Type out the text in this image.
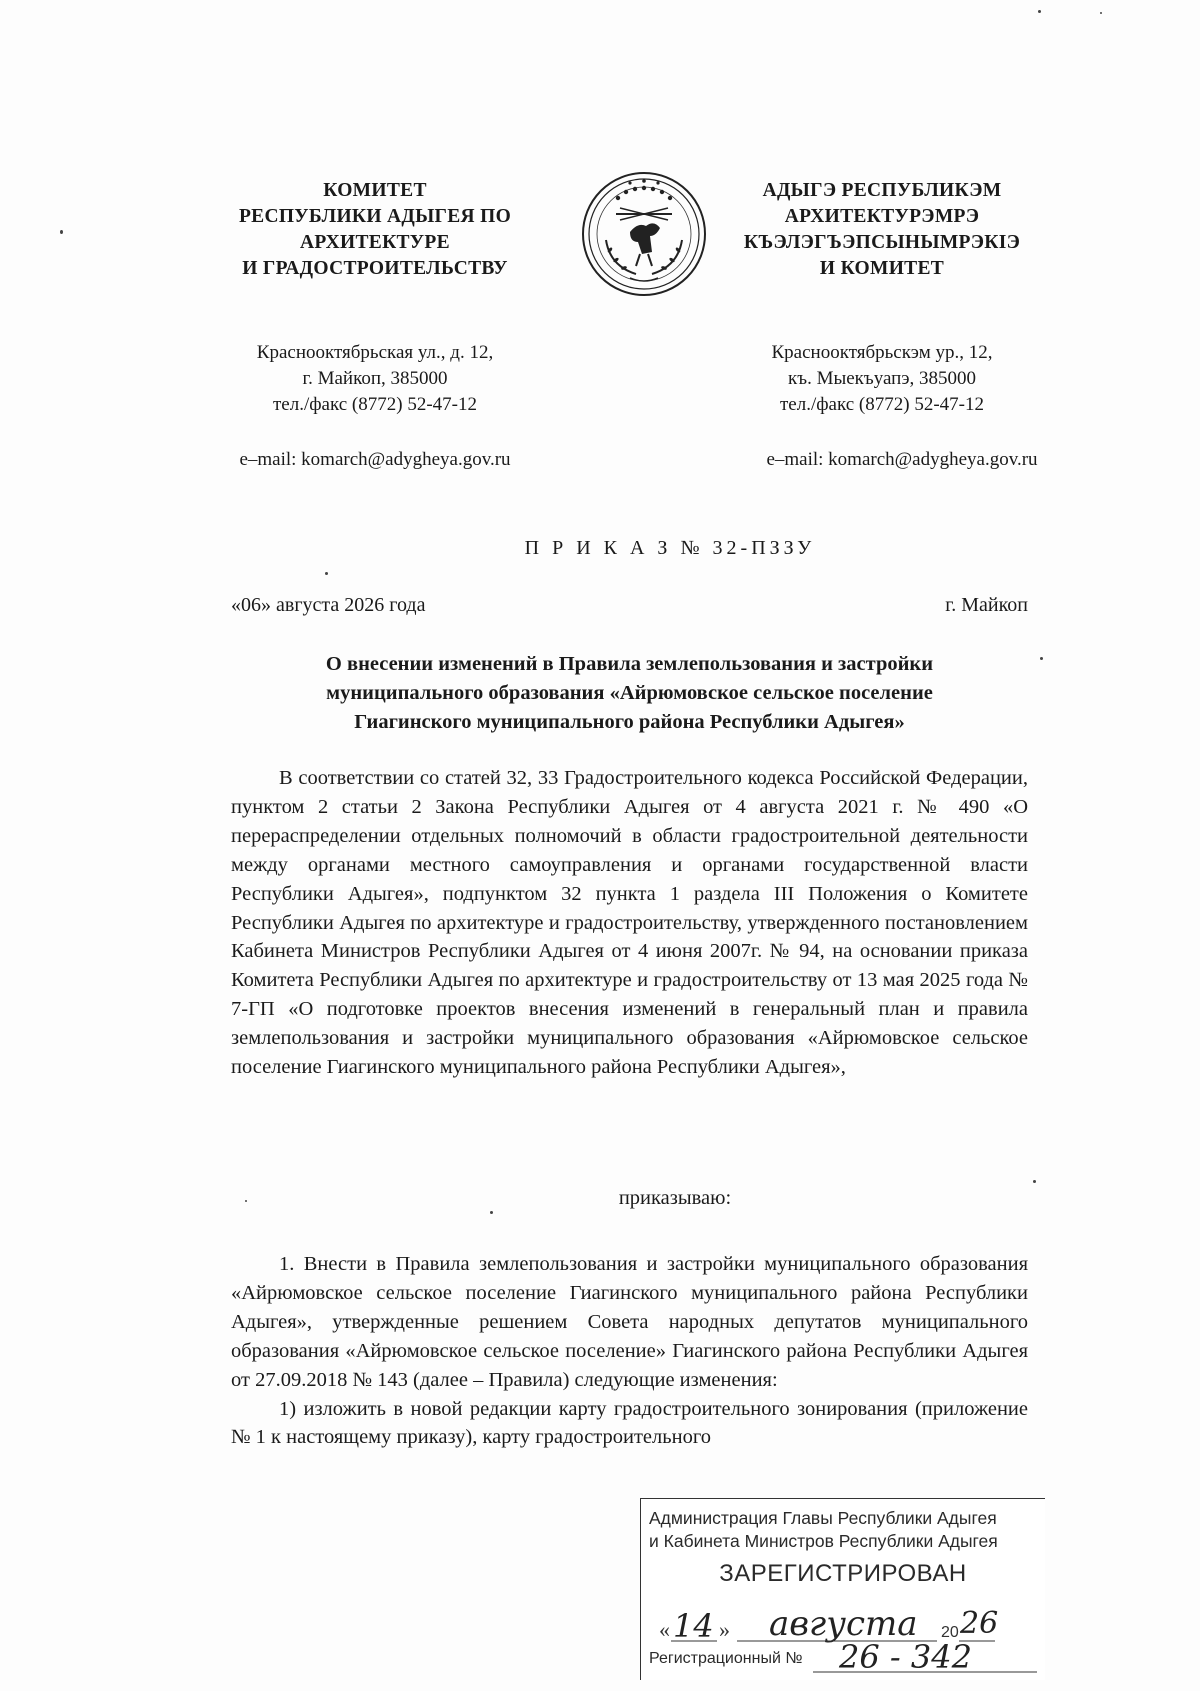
КОМИТЕТ
РЕСПУБЛИКИ АДЫГЕЯ ПО
АРХИТЕКТУРЕ
И ГРАДОСТРОИТЕЛЬСТВУ
АДЫГЭ РЕСПУБЛИКЭМ
АРХИТЕКТУРЭМРЭ
КЪЭЛЭГЪЭПСЫНЫМРЭКIЭ
И КОМИТЕТ
Краснооктябрьская ул., д. 12,
г. Майкоп, 385000
тел./факс (8772) 52-47-12
Краснооктябрьскэм ур., 12,
къ. Мыекъуапэ, 385000
тел./факс (8772) 52-47-12
e–mail: komarch@adygheya.gov.ru	e–mail: komarch@adygheya.gov.ru
П Р И К А З № 32-ПЗЗУ
«06» августа 2026 года	г. Майкоп
О внесении изменений в Правила землепользования и застройки
муниципального образования «Айрюмовское сельское поселение
Гиагинского муниципального района Республики Адыгея»

В соответствии со статей 32, 33 Градостроительного кодекса Российской Федерации, пунктом 2 статьи 2 Закона Республики Адыгея от 4 августа 2021 г. № 490 «О перераспределении отдельных полномочий в области градостроительной деятельности между органами местного самоуправления и органами государственной власти Республики Адыгея», подпунктом 32 пункта 1 раздела III Положения о Комитете Республики Адыгея по архитектуре и градостроительству, утвержденного постановлением Кабинета Министров Республики Адыгея от 4 июня 2007г. № 94, на основании приказа Комитета Республики Адыгея по архитектуре и градостроительству от 13 мая 2025 года № 7-ГП «О подготовке проектов внесения изменений в генеральный план и правила землепользования и застройки муниципального образования «Айрюмовское сельское поселение Гиагинского муниципального района Республики Адыгея»,

приказываю:

1. Внести в Правила землепользования и застройки муниципального образования «Айрюмовское сельское поселение Гиагинского муниципального района Республики Адыгея», утвержденные решением Совета народных депутатов муниципального образования «Айрюмовское сельское поселение» Гиагинского района Республики Адыгея от 27.09.2018 № 143 (далее – Правила) следующие изменения:

1) изложить в новой редакции карту градостроительного зонирования (приложение № 1 к настоящему приказу), карту градостроительного

Администрация Главы Республики Адыгея
и Кабинета Министров Республики Адыгея
ЗАРЕГИСТРИРОВАН
« 14 » августа 20 26
Регистрационный № 26 - 342
